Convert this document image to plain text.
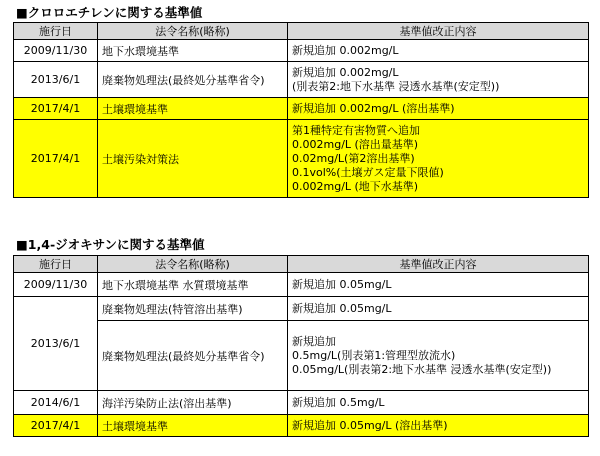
■クロロエチレンに関する基準値
施行日	法令名称(略称)	基準値改正内容
2009/11/30	地下水環境基準	新規追加 0.002mg/L

2013/6/1	廃棄物処理法(最終処分基準省令)	新規追加 0.002mg/L
(別表第2:地下水基準 浸透水基準(安定型))

2017/4/1	土壌環境基準	新規追加 0.002mg/L (溶出基準)

2017/4/1	土壌汚染対策法	第1種特定有害物質へ追加
0.002mg/L (溶出量基準)
0.02mg/L(第2溶出基準)
0.1vol%(土壌ガス定量下限値)
0.002mg/L (地下水基準)
■1,4-ジオキサンに関する基準値
施行日	法令名称(略称)	基準値改正内容
2009/11/30	地下水環境基準 水質環境基準	新規追加 0.05mg/L

2013/6/1	廃棄物処理法(特管溶出基準)	新規追加 0.05mg/L

	廃棄物処理法(最終処分基準省令)	新規追加
0.5mg/L(別表第1:管理型放流水)
0.05mg/L(別表第2:地下水基準 浸透水基準(安定型))

2014/6/1	海洋汚染防止法(溶出基準)	新規追加 0.5mg/L

2017/4/1	土壌環境基準	新規追加 0.05mg/L (溶出基準)
